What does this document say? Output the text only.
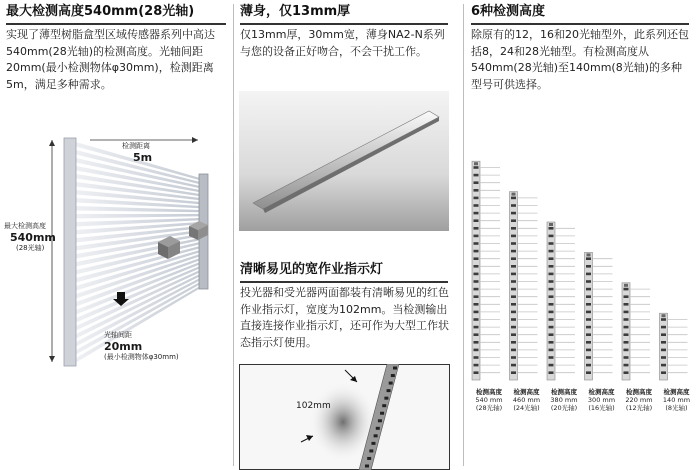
最大检测高度540mm(28光轴)
实现了薄型树脂盒型区域传感器系列中高达540mm(28光轴)的检测高度。光轴间距20mm(最小检测物体φ30mm)，检测距离5m，满足多种需求。
检测距离
5m
最大检测高度
540mm
(28光轴)
光轴间距
20mm
(最小检测物体φ30mm)
薄身，仅13mm厚
仅13mm厚，30mm宽，薄身NA2-N系列与您的设备正好吻合，不会干扰工作。
清晰易见的宽作业指示灯
投光器和受光器两面都装有清晰易见的红色作业指示灯，宽度为102mm。当检测输出直接连接作业指示灯，还可作为大型工作状态指示灯使用。
102mm
6种检测高度
除原有的12，16和20光轴型外，此系列还包括8，24和28光轴型。有检测高度从540mm(28光轴)至140mm(8光轴)的多种型号可供选择。
检测高度
540 mm
(28光轴)
检测高度
460 mm
(24光轴)
检测高度
380 mm
(20光轴)
检测高度
300 mm
(16光轴)
检测高度
220 mm
(12光轴)
检测高度
140 mm
(8光轴)
